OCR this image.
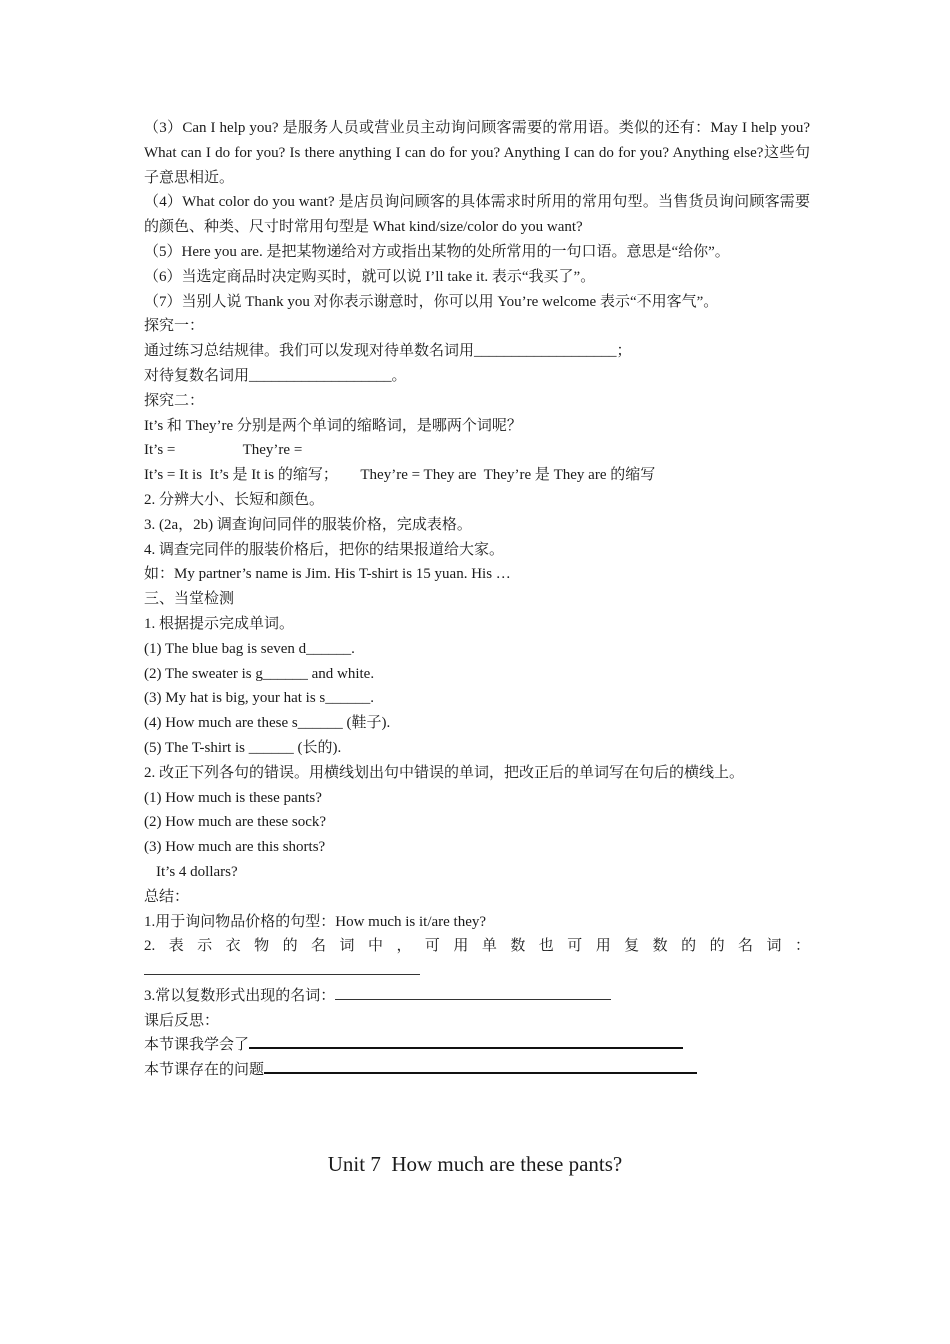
（3）Can I help you? 是服务人员或营业员主动询问顾客需要的常用语。类似的还有：May I help you? What can I do for you? Is there anything I can do for you? Anything I can do for you? Anything else?这些句子意思相近。
（4）What color do you want? 是店员询问顾客的具体需求时所用的常用句型。当售货员询问顾客需要的颜色、种类、尺寸时常用句型是 What kind/size/color do you want?
（5）Here you are. 是把某物递给对方或指出某物的处所常用的一句口语。意思是“给你”。
（6）当选定商品时决定购买时，就可以说 I’ll take it. 表示“我买了”。
（7）当别人说 Thank you 对你表示谢意时，你可以用 You’re welcome 表示“不用客气”。
探究一：
通过练习总结规律。我们可以发现对待单数名词用___________________；
对待复数名词用___________________。
探究二：
It’s 和 They’re 分别是两个单词的缩略词，是哪两个词呢？
It’s =                  They’re =
It’s = It is  It’s 是 It is 的缩写；      They’re = They are  They’re 是 They are 的缩写
2. 分辨大小、长短和颜色。
3. (2a，2b) 调查询问同伴的服装价格，完成表格。
4. 调查完同伴的服装价格后，把你的结果报道给大家。
如：My partner’s name is Jim. His T-shirt is 15 yuan. His …
三、当堂检测
1. 根据提示完成单词。
(1) The blue bag is seven d______.
(2) The sweater is g______ and white.
(3) My hat is big, your hat is s______.
(4) How much are these s______ (鞋子).
(5) The T-shirt is ______ (长的).
2. 改正下列各句的错误。用横线划出句中错误的单词，把改正后的单词写在句后的横线上。
(1) How much is these pants?
(2) How much are these sock?
(3) How much are this shorts?
It’s 4 dollars?
总结：
1.用于询问物品价格的句型：How much is it/are they?
2.表示衣物的名词中，可用单数也可用复数的的名词：
3.常以复数形式出现的名词：
课后反思：
本节课我学会了
本节课存在的问题
Unit 7  How much are these pants?
